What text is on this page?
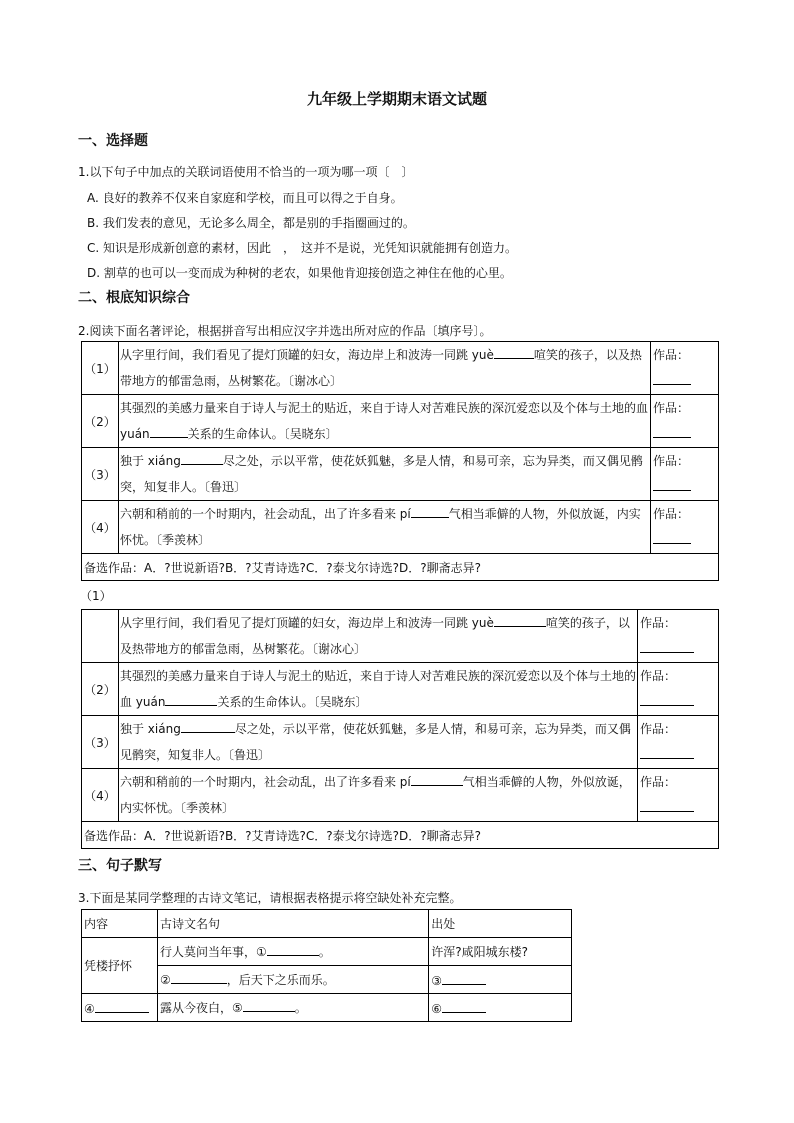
九年级上学期期末语文试题
一、选择题
1.以下句子中加点的关联词语使用不恰当的一项为哪一项〔　〕
A. 良好的教养不仅来自家庭和学校，而且可以得之于自身。
B. 我们发表的意见，无论多么周全，都是别的手指圈画过的。
C. 知识是形成新创意的素材，因此　，　这并不是说，光凭知识就能拥有创造力。
D. 割草的也可以一变而成为种树的老农，如果他肯迎接创造之神住在他的心里。
二、根底知识综合
2.阅读下面名著评论，根据拼音写出相应汉字并选出所对应的作品〔填序号〕。
（1）	从字里行间，我们看见了提灯顶罐的妇女，海边岸上和波涛一同跳 yuè 喧笑的孩子，以及热带地方的郁雷急雨，丛树繁花。〔谢冰心〕	作品：

（2）	其强烈的美感力量来自于诗人与泥土的贴近，来自于诗人对苦难民族的深沉爱恋以及个体与土地的血 yuán 关系的生命体认。〔吴晓东〕	作品：

（3）	独于 xiáng 尽之处，示以平常，使花妖狐魅，多是人情，和易可亲，忘为异类，而又偶见鹘突，知复非人。〔鲁迅〕	作品：

（4）	六朝和稍前的一个时期内，社会动乱，出了许多看来 pí 气相当乖僻的人物，外似放诞，内实怀忧。〔季羡林〕	作品：

备选作品：A．?世说新语?B．?艾青诗选?C．?泰戈尔诗选?D．?聊斋志异?		
（1）
	从字里行间，我们看见了提灯顶罐的妇女，海边岸上和波涛一同跳 yuè 喧笑的孩子，以及热带地方的郁雷急雨，丛树繁花。〔谢冰心〕	作品：

（2）	其强烈的美感力量来自于诗人与泥土的贴近，来自于诗人对苦难民族的深沉爱恋以及个体与土地的血 yuán 关系的生命体认。〔吴晓东〕	作品：

（3）	独于 xiáng 尽之处，示以平常，使花妖狐魅，多是人情，和易可亲，忘为异类，而又偶见鹘突，知复非人。〔鲁迅〕	作品：

（4）	六朝和稍前的一个时期内，社会动乱，出了许多看来 pí 气相当乖僻的人物，外似放诞，内实怀忧。〔季羡林〕	作品：

备选作品：A．?世说新语?B．?艾青诗选?C．?泰戈尔诗选?D．?聊斋志异?		
三、句子默写
3.下面是某同学整理的古诗文笔记，请根据表格提示将空缺处补充完整。
内容	古诗文名句	出处
凭楼抒怀	行人莫问当年事，① 。	许浑?咸阳城东楼?
	② ，后天下之乐而乐。	③
④	露从今夜白，⑤ 。	⑥
